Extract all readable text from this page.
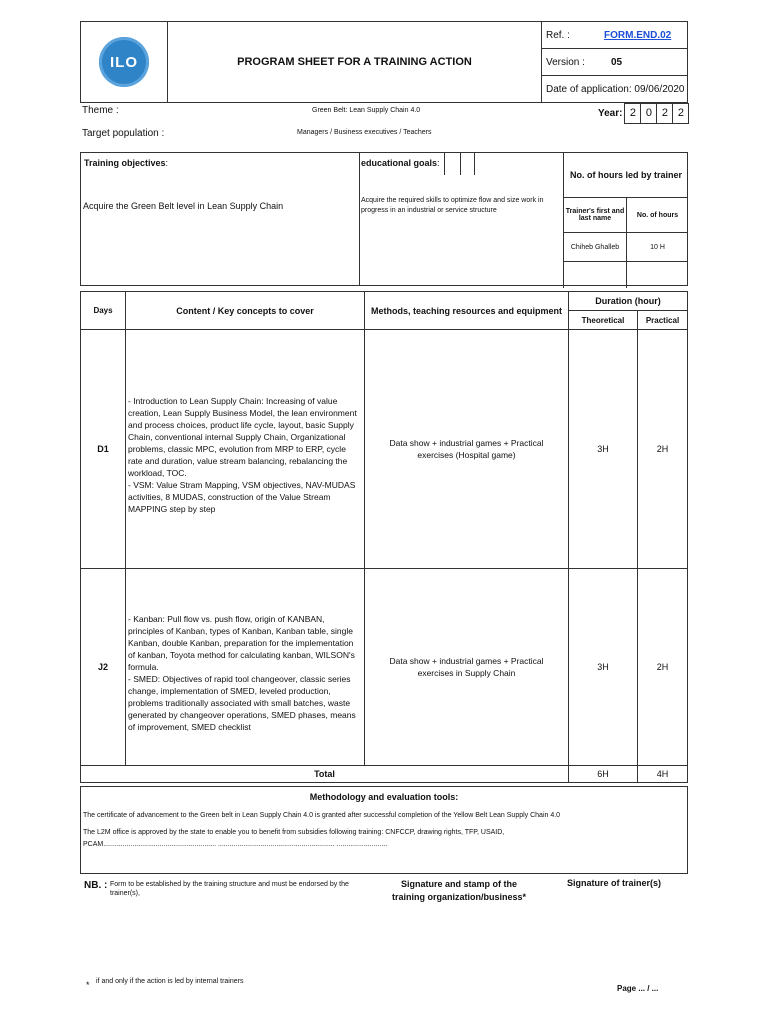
ILO	PROGRAM SHEET FOR A TRAINING ACTION	Ref. :	FORM.END.02
		Version :	05
		Date of application: 09/06/2020	
Theme :	Green Belt: Lean Supply Chain 4.0
Target population :	Managers / Business executives / Teachers
Year: 2 0 2 2
Training objectives:
Acquire the Green Belt level in Lean Supply Chain
educational goals:
Acquire the required skills to optimize flow and size work in progress in an industrial or service structure
No. of hours led by trainer	
Trainer's first and last name	No. of hours
Chiheb Ghalleb	10 H

Days	Content / Key concepts to cover	Methods, teaching resources and equipment	Duration (hour)	
			Theoretical	Practical
D1	- Introduction to Lean Supply Chain: Increasing of value creation, Lean Supply Business Model, the lean environment and process choices, product life cycle, layout, basic Supply Chain, conventional internal Supply Chain, Organizational problems, classic MPC, evolution from MRP to ERP, cycle rate and duration, value stream balancing, rebalancing the workload, TOC.
- VSM: Value Stram Mapping, VSM objectives, NAV-MUDAS activities, 8 MUDAS, construction of the Value Stream MAPPING step by step	Data show + industrial games + Practical exercises (Hospital game)	3H	2H
J2	- Kanban: Pull flow vs. push flow, origin of KANBAN, principles of Kanban, types of Kanban, Kanban table, single Kanban, double Kanban, preparation for the implementation of kanban, Toyota method for calculating kanban, WILSON's formula.
- SMED: Objectives of rapid tool changeover, classic series change, implementation of SMED, leveled production, problems traditionally associated with small batches, waste generated by changeover operations, SMED phases, means of improvement, SMED checklist	Data show + industrial games + Practical exercises in Supply Chain	3H	2H
Total			6H	4H
Methodology and evaluation tools:
The certificate of advancement to the Green belt in Lean Supply Chain 4.0 is granted after successful completion of the Yellow Belt Lean Supply Chain 4.0
The L2M office is approved by the state to enable you to benefit from subsidies following training: CNFCCP, drawing rights, TFP, USAID,
PCAM.......................................................... ............................................................ ..........................
NB. : Form to be established by the training structure and must be endorsed by the trainer(s),
Signature and stamp of the training organization/business*
Signature of trainer(s)
* if and only if the action is led by internal trainers
Page ... / ...
